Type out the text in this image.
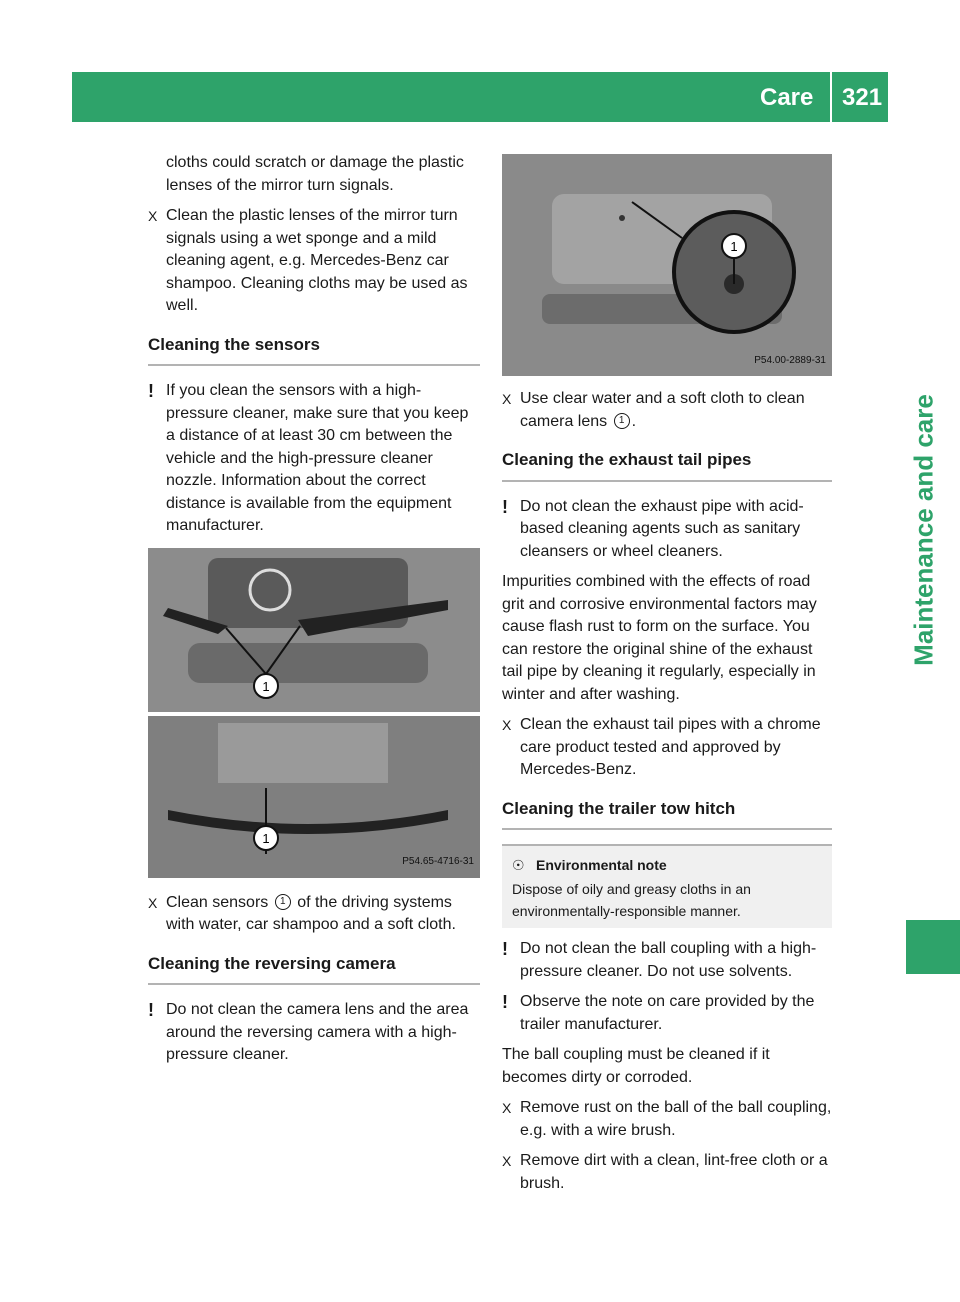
Care 321
Maintenance and care

cloths could scratch or damage the plastic lenses of the mirror turn signals.

X Clean the plastic lenses of the mirror turn signals using a wet sponge and a mild cleaning agent, e.g. Mercedes-Benz car shampoo. Cleaning cloths may be used as well.
Cleaning the sensors
! If you clean the sensors with a high-pressure cleaner, make sure that you keep a distance of at least 30 cm between the vehicle and the high-pressure cleaner nozzle. Information about the correct distance is available from the equipment manufacturer.
1
1
P54.65-4716-31
X Clean sensors 1 of the driving systems with water, car shampoo and a soft cloth.
Cleaning the reversing camera
! Do not clean the camera lens and the area around the reversing camera with a high-pressure cleaner.
1
P54.00-2889-31
X Use clear water and a soft cloth to clean camera lens 1 .
Cleaning the exhaust tail pipes
! Do not clean the exhaust pipe with acid-based cleaning agents such as sanitary cleansers or wheel cleaners.

Impurities combined with the effects of road grit and corrosive environmental factors may cause flash rust to form on the surface. You can restore the original shine of the exhaust tail pipe by cleaning it regularly, especially in winter and after washing.

X Clean the exhaust tail pipes with a chrome care product tested and approved by Mercedes-Benz.
Cleaning the trailer tow hitch
☉ Environmental note
Dispose of oily and greasy cloths in an environmentally-responsible manner.
! Do not clean the ball coupling with a high-pressure cleaner. Do not use solvents.
! Observe the note on care provided by the trailer manufacturer.

The ball coupling must be cleaned if it becomes dirty or corroded.

X Remove rust on the ball of the ball coupling, e.g. with a wire brush.
X Remove dirt with a clean, lint-free cloth or a brush.
